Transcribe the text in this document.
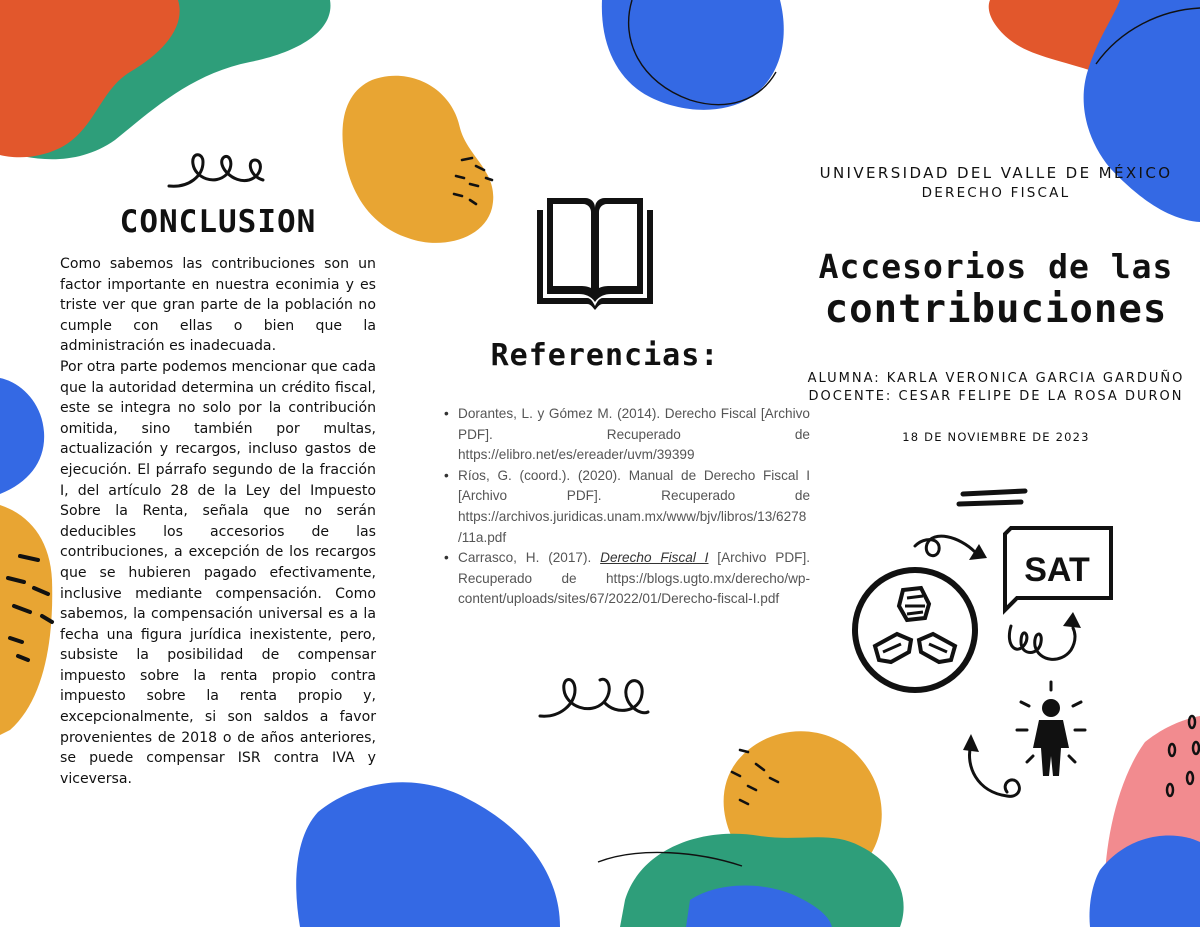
CONCLUSION

Como sabemos las contribuciones son un factor importante en nuestra econimia y es triste ver que gran parte de la población no cumple con ellas o bien que la administración es inadecuada.

Por otra parte podemos mencionar que cada que la autoridad determina un crédito fiscal, este se integra no solo por la contribución omitida, sino también por multas, actualización y recargos, incluso gastos de ejecución. El párrafo segundo de la fracción I, del artículo 28 de la Ley del Impuesto Sobre la Renta, señala que no serán deducibles los accesorios de las contribuciones, a excepción de los recargos que se hubieren pagado efectivamente, inclusive mediante compensación. Como sabemos, la compensación universal es a la fecha una figura jurídica inexistente, pero, subsiste la posibilidad de compensar impuesto sobre la renta propio contra impuesto sobre la renta propio y, excepcionalmente, si son saldos a favor provenientes de 2018 o de años anteriores, se puede compensar ISR contra IVA y viceversa.

Referencias:
• Dorantes, L. y Gómez M. (2014). Derecho Fiscal [Archivo PDF]. Recuperado de https://elibro.net/es/ereader/uvm/39399
• Ríos, G. (coord.). (2020). Manual de Derecho Fiscal I [Archivo PDF]. Recuperado de https://archivos.juridicas.unam.mx/www/bjv/libros/13/6278/11a.pdf
• Carrasco, H. (2017). Derecho Fiscal I [Archivo PDF]. Recuperado de https://blogs.ugto.mx/derecho/wp-content/uploads/sites/67/2022/01/Derecho-fiscal-I.pdf

UNIVERSIDAD DEL VALLE DE MÉXICO

DERECHO FISCAL

Accesorios de las

contribuciones

ALUMNA: KARLA VERONICA GARCIA GARDUÑO

DOCENTE: CESAR FELIPE DE LA ROSA DURON

18 DE NOVIEMBRE DE 2023

SAT
